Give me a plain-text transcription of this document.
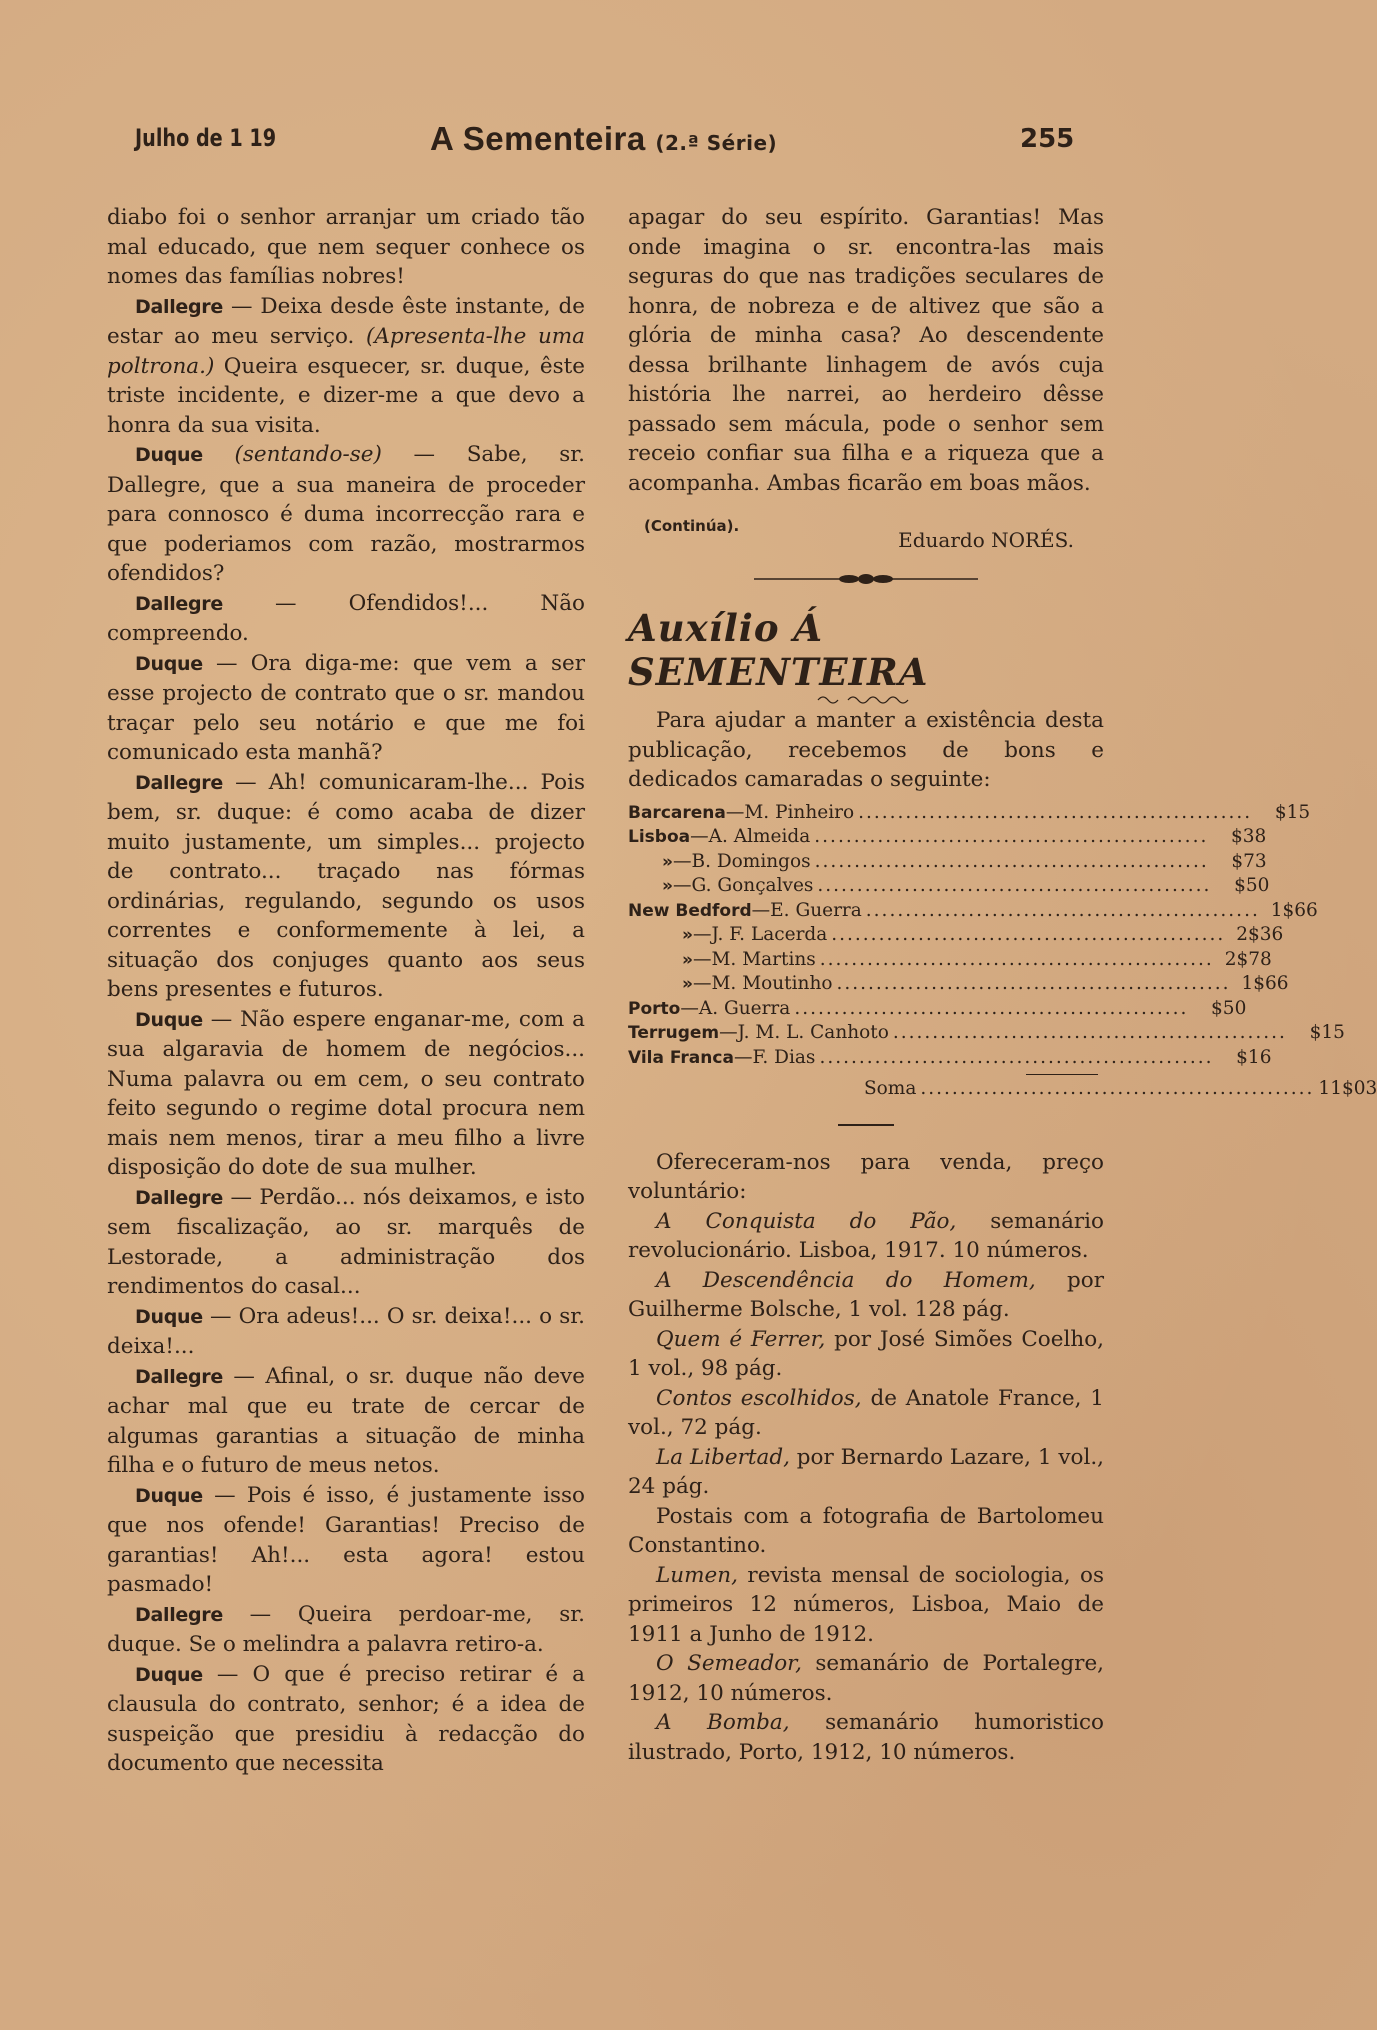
Julho de 1 19	A Sementeira (2.ª Série)	255

diabo foi o senhor arranjar um criado tão mal educado, que nem sequer conhece os nomes das famílias nobres!

Dallegre — Deixa desde êste instante, de estar ao meu serviço. (Apresenta-lhe uma poltrona.) Queira esquecer, sr. duque, êste triste incidente, e dizer-me a que devo a honra da sua visita.

Duque (sentando-se) — Sabe, sr. Dallegre, que a sua maneira de proceder para connosco é duma incorrecção rara e que poderiamos com razão, mostrarmos ofendidos?

Dallegre — Ofendidos!... Não compreendo.

Duque — Ora diga-me: que vem a ser esse projecto de contrato que o sr. mandou traçar pelo seu notário e que me foi comunicado esta manhã?

Dallegre — Ah! comunicaram-lhe... Pois bem, sr. duque: é como acaba de dizer muito justamente, um simples... projecto de contrato... traçado nas fórmas ordinárias, regulando, segundo os usos correntes e conformemente à lei, a situação dos conjuges quanto aos seus bens presentes e futuros.

Duque — Não espere enganar-me, com a sua algaravia de homem de negócios... Numa palavra ou em cem, o seu contrato feito segundo o regime dotal procura nem mais nem menos, tirar a meu filho a livre disposição do dote de sua mulher.

Dallegre — Perdão... nós deixamos, e isto sem fiscalização, ao sr. marquês de Lestorade, a administração dos rendimentos do casal...

Duque — Ora adeus!... O sr. deixa!... o sr. deixa!...

Dallegre — Afinal, o sr. duque não deve achar mal que eu trate de cercar de algumas garantias a situação de minha filha e o futuro de meus netos.

Duque — Pois é isso, é justamente isso que nos ofende! Garantias! Preciso de garantias! Ah!... esta agora! estou pasmado!

Dallegre — Queira perdoar-me, sr. duque. Se o melindra a palavra retiro-a.

Duque — O que é preciso retirar é a clausula do contrato, senhor; é a idea de suspeição que presidiu à redacção do documento que necessita

apagar do seu espírito. Garantias! Mas onde imagina o sr. encontra-las mais seguras do que nas tradições seculares de honra, de nobreza e de altivez que são a glória de minha casa? Ao descendente dessa brilhante linhagem de avós cuja história lhe narrei, ao herdeiro dêsse passado sem mácula, pode o senhor sem receio confiar sua filha e a riqueza que a acompanha. Ambas ficarão em boas mãos.

(Continúa).
Eduardo NORÉS.
Auxílio Á SEMENTEIRA

Para ajudar a manter a existência desta publicação, recebemos de bons e dedicados camaradas o seguinte:

Barcarena — M. Pinheiro ..................................................	$15
Lisboa — A. Almeida ..................................................	$38
» — B. Domingos ..................................................	$73
» — G. Gonçalves ..................................................	$50
New Bedford — E. Guerra .................................................. 1$66
» — J. F. Lacerda .................................................. 2$36
» — M. Martins .................................................. 2$78
» — M. Moutinho .................................................. 1$66
Porto — A. Guerra ..................................................	$50
Terrugem — J. M. L. Canhoto ..................................................	$15
Vila Franca — F. Dias ..................................................	$16
Soma .................................................. 11$03

Ofereceram-nos para venda, preço voluntário:

A Conquista do Pão, semanário revolucionário. Lisboa, 1917. 10 números.

A Descendência do Homem, por Guilherme Bolsche, 1 vol. 128 pág.

Quem é Ferrer, por José Simões Coelho, 1 vol., 98 pág.

Contos escolhidos, de Anatole France, 1 vol., 72 pág.

La Libertad, por Bernardo Lazare, 1 vol., 24 pág.

Postais com a fotografia de Bartolomeu Constantino.

Lumen, revista mensal de sociologia, os primeiros 12 números, Lisboa, Maio de 1911 a Junho de 1912.

O Semeador, semanário de Portalegre, 1912, 10 números.

A Bomba, semanário humoristico ilustrado, Porto, 1912, 10 números.
